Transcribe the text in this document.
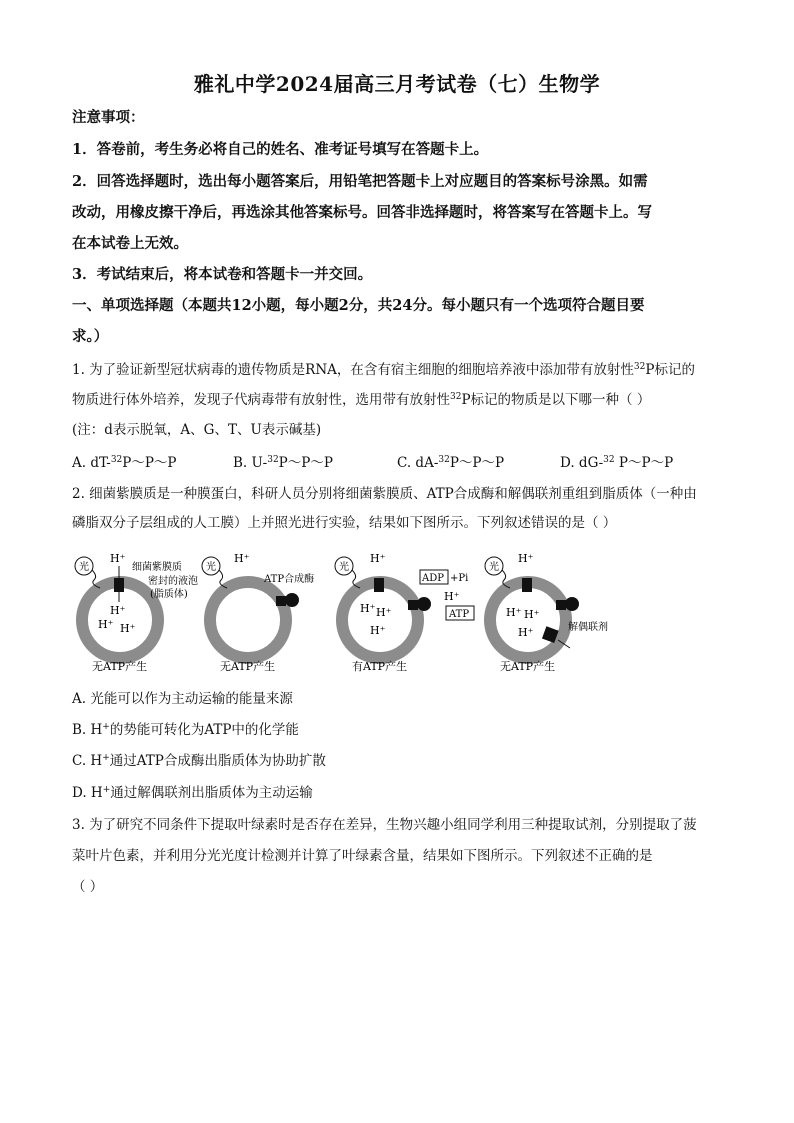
雅礼中学2024届高三月考试卷（七）生物学
注意事项：
1．答卷前，考生务必将自己的姓名、准考证号填写在答题卡上。
2．回答选择题时，选出每小题答案后，用铅笔把答题卡上对应题目的答案标号涂黑。如需
改动，用橡皮擦干净后，再选涂其他答案标号。回答非选择题时，将答案写在答题卡上。写
在本试卷上无效。
3．考试结束后，将本试卷和答题卡一并交回。
一、单项选择题（本题共12小题，每小题2分，共24分。每小题只有一个选项符合题目要
求。）
1. 为了验证新型冠状病毒的遗传物质是RNA，在含有宿主细胞的细胞培养液中添加带有放射性$^{32}$P标记的
物质进行体外培养，发现子代病毒带有放射性，选用带有放射性$^{32}$P标记的物质是以下哪一种（ ）
(注：d表示脱氧，A、G、T、U表示碱基)
A. dT-$^{32}$P～P～P	B. U-$^{32}$P～P～P	C. dA-$^{32}$P～P～P	D. dG-$^{32}$ P～P～P
2. 细菌紫膜质是一种膜蛋白，科研人员分别将细菌紫膜质、ATP合成酶和解偶联剂重组到脂质体（一种由
磷脂双分子层组成的人工膜）上并照光进行实验，结果如下图所示。下列叙述错误的是（ ）
光
H⁺
H⁺
H⁺ H⁺
细菌紫膜质
密封的液泡
(脂质体)
无ATP产生
光
H⁺
ATP合成酶
无ATP产生
光
H⁺
H⁺ H⁺
H⁺
ADP +Pi
H⁺
ATP
有ATP产生
光
H⁺
H⁺ H⁺
H⁺	解偶联剂
无ATP产生
A. 光能可以作为主动运输的能量来源
B. H+的势能可转化为ATP中的化学能
C. H+通过ATP合成酶出脂质体为协助扩散
D. H+通过解偶联剂出脂质体为主动运输
3. 为了研究不同条件下提取叶绿素时是否存在差异，生物兴趣小组同学利用三种提取试剂，分别提取了菠
菜叶片色素，并利用分光光度计检测并计算了叶绿素含量，结果如下图所示。下列叙述不正确的是
（ ）
